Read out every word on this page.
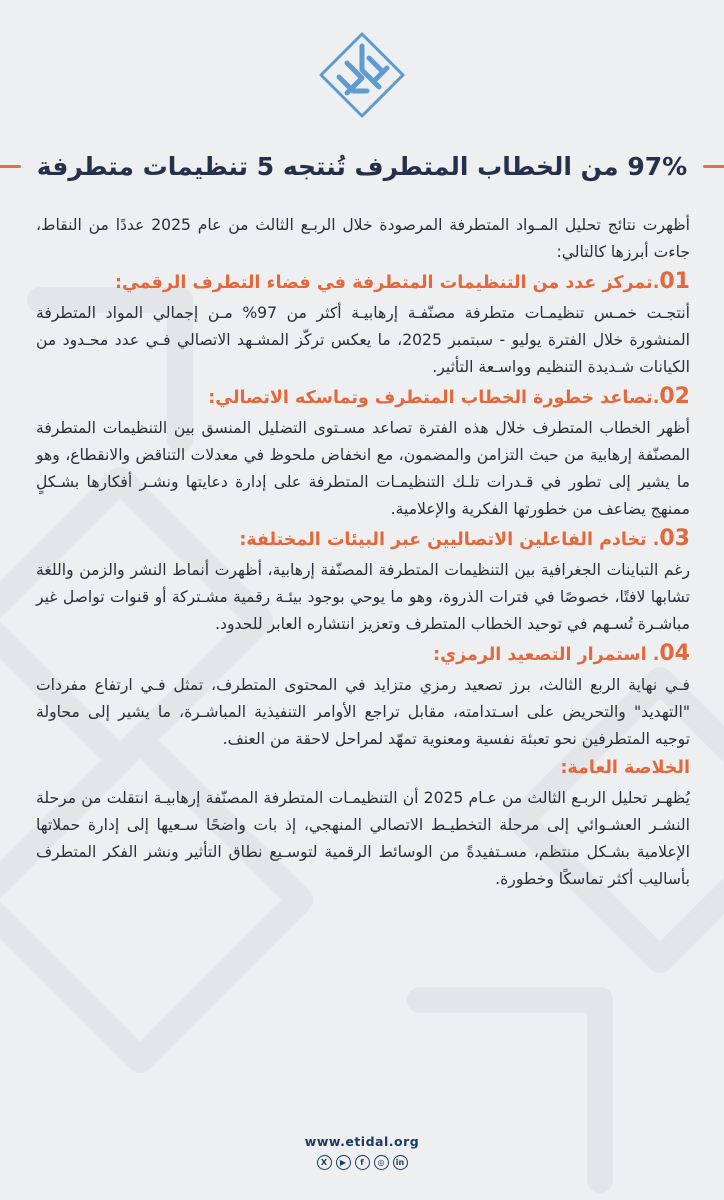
97% من الخطاب المتطرف تُنتجه 5 تنظيمات متطرفة

أظهرت نتائج تحليل المـواد المتطرفة المرصودة خلال الربـع الثالث من عام 2025 عددًا من النقاط، جاءت أبرزها كالتالي:

01.تمركز عدد من التنظيمات المتطرفة في فضاء التطرف الرقمي:

أنتجـت خمـس تنظيمـات متطرفة مصنّفـة إرهابيـة أكثر من 97% مـن إجمالي المواد المتطرفة المنشورة خلال الفترة يوليو - سبتمبر 2025، ما يعكس تركّز المشـهد الاتصالي فـي عدد محـدود من الكيانات شـديدة التنظيم وواسـعة التأثير.

02.تصاعد خطورة الخطاب المتطرف وتماسكه الاتصالي:

أظهر الخطاب المتطرف خلال هذه الفترة تصاعد مسـتوى التضليل المنسق بين التنظيمات المتطرفة المصنّفة إرهابية من حيث التزامن والمضمون، مع انخفاض ملحوظ في معدلات التناقض والانقطاع، وهو ما يشير إلى تطور في قـدرات تلـك التنظيمـات المتطرفة على إدارة دعايتها ونشـر أفكارها بشـكلٍ ممنهج يضاعف من خطورتها الفكرية والإعلامية.

03. تخادم الفاعلين الاتصاليين عبر البيئات المختلفة:

رغم التباينات الجغرافية بين التنظيمات المتطرفة المصنّفة إرهابية، أظهرت أنماط النشر والزمن واللغة تشابها لافتًا، خصوصًا في فترات الذروة، وهو ما يوحي بوجود بيئـة رقمية مشـتركة أو قنوات تواصل غير مباشـرة تُسـهم في توحيد الخطاب المتطرف وتعزيز انتشاره العابر للحدود.

04. استمرار التصعيد الرمزي:

فـي نهاية الربع الثالث، برز تصعيد رمزي متزايد في المحتوى المتطرف، تمثل فـي ارتفاع مفردات "التهديد" والتحريض على اسـتدامته، مقابل تراجع الأوامر التنفيذية المباشـرة، ما يشير إلى محاولة توجيه المتطرفين نحو تعبئة نفسية ومعنوية تمهّد لمراحل لاحقة من العنف.

الخلاصة العامة:

يُظهـر تحليل الربـع الثالث من عـام 2025 أن التنظيمـات المتطرفة المصنّفة إرهابيـة انتقلت من مرحلة النشـر العشـوائي إلى مرحلة التخطيـط الاتصالي المنهجي، إذ بات واضحًا سـعيها إلى إدارة حملاتها الإعلامية بشـكل منتظم، مسـتفيدةً من الوسائط الرقمية لتوسـيع نطاق التأثير ونشر الفكر المتطرف بأساليب أكثر تماسكًا وخطورة.

www.etidal.org
X	▶	f	◎	in
